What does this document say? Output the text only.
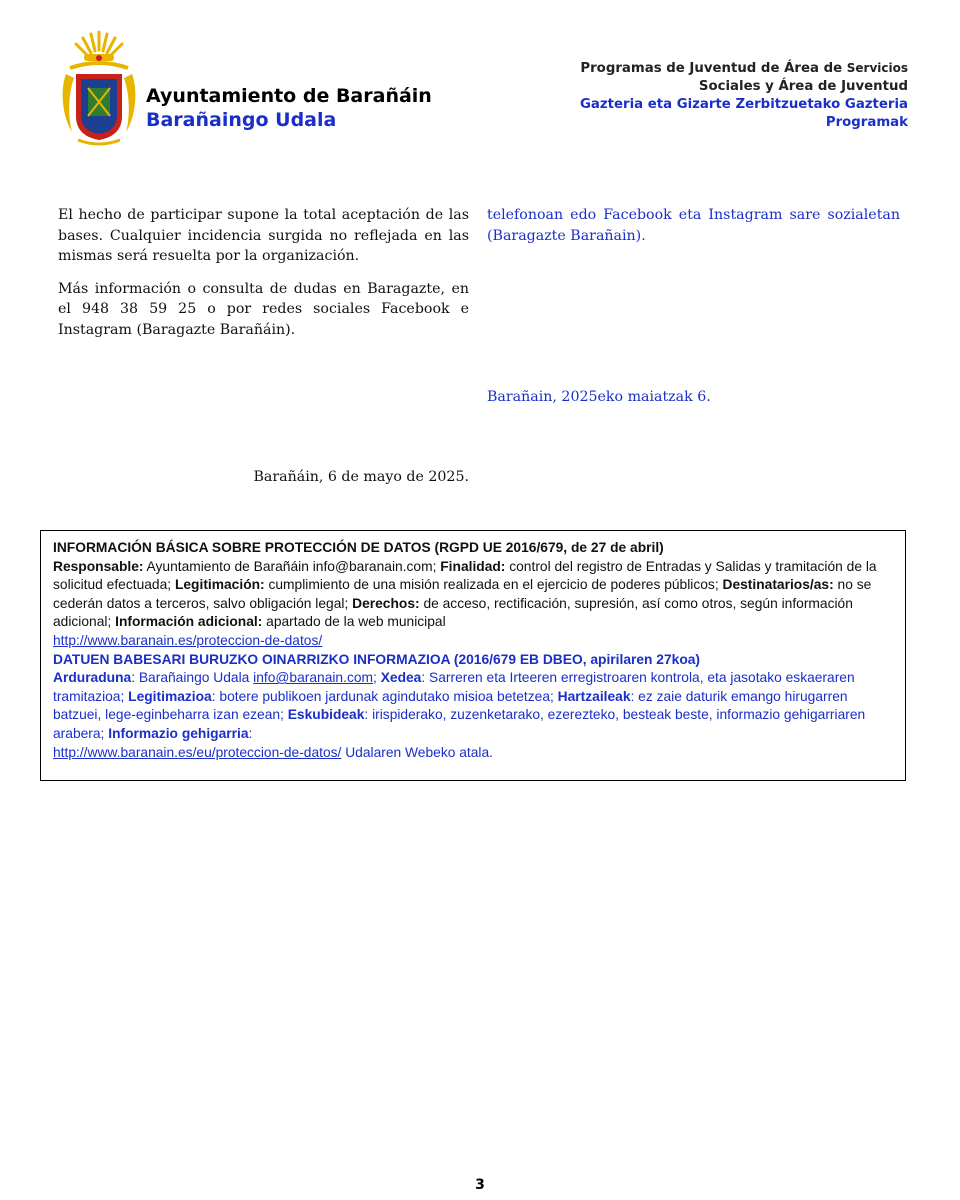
Ayuntamiento de Barañáin
Barañaingo Udala
Programas de Juventud de Área de Servicios
Sociales y Área de Juventud
Gazteria eta Gizarte Zerbitzuetako Gazteria
Programak

El hecho de participar supone la total aceptación de las bases. Cualquier incidencia surgida no reflejada en las mismas será resuelta por la organización.

Más información o consulta de dudas en Baragazte, en el 948 38 59 25 o por redes sociales Facebook e Instagram (Baragazte Barañáin).

Barañáin, 6 de mayo de 2025.

telefonoan edo Facebook eta Instagram sare sozialetan (Baragazte Barañain).

Barañain, 2025eko maiatzak 6.
INFORMACIÓN BÁSICA SOBRE PROTECCIÓN DE DATOS (RGPD UE 2016/679, de 27 de abril)
Responsable: Ayuntamiento de Barañáin info@baranain.com; Finalidad: control del registro de Entradas y Salidas y tramitación de la solicitud efectuada; Legitimación: cumplimiento de una misión realizada en el ejercicio de poderes públicos; Destinatarios/as: no se cederán datos a terceros, salvo obligación legal; Derechos: de acceso, rectificación, supresión, así como otros, según información adicional; Información adicional: apartado de la web municipal
http://www.baranain.es/proteccion-de-datos/
DATUEN BABESARI BURUZKO OINARRIZKO INFORMAZIOA (2016/679 EB DBEO, apirilaren 27koa)
Arduraduna: Barañaingo Udala info@baranain.com; Xedea: Sarreren eta Irteeren erregistroaren kontrola, eta jasotako eskaeraren tramitazioa; Legitimazioa: botere publikoen jardunak agindutako misioa betetzea; Hartzaileak: ez zaie daturik emango hirugarren batzuei, lege-eginbeharra izan ezean; Eskubideak: irispiderako, zuzenketarako, ezerezteko, besteak beste, informazio gehigarriaren arabera; Informazio gehigarria:
http://www.baranain.es/eu/proteccion-de-datos/ Udalaren Webeko atala.
3
